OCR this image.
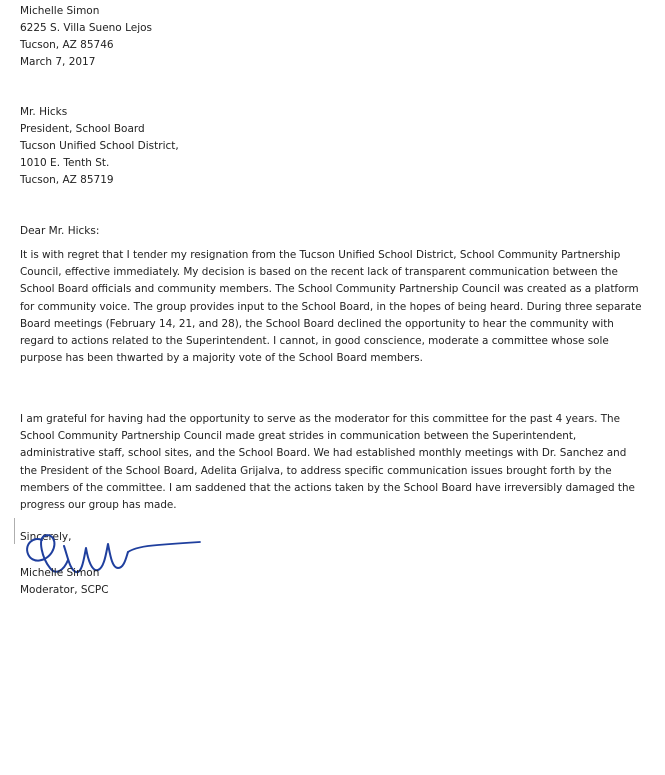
Michelle Simon
6225 S. Villa Sueno Lejos
Tucson, AZ 85746
March 7, 2017
Mr. Hicks
President, School Board
Tucson Unified School District,
1010 E. Tenth St.
Tucson, AZ 85719
Dear Mr. Hicks:
It is with regret that I tender my resignation from the Tucson Unified School District, School Community Partnership Council, effective immediately. My decision is based on the recent lack of transparent communication between the School Board officials and community members. The School Community Partnership Council was created as a platform for community voice. The group provides input to the School Board, in the hopes of being heard. During three separate Board meetings (February 14, 21, and 28), the School Board declined the opportunity to hear the community with regard to actions related to the Superintendent. I cannot, in good conscience, moderate a committee whose sole purpose has been thwarted by a majority vote of the School Board members.
I am grateful for having had the opportunity to serve as the moderator for this committee for the past 4 years. The School Community Partnership Council made great strides in communication between the Superintendent, administrative staff, school sites, and the School Board. We had established monthly meetings with Dr. Sanchez and the President of the School Board, Adelita Grijalva, to address specific communication issues brought forth by the members of the committee. I am saddened that the actions taken by the School Board have irreversibly damaged the progress our group has made.
Sincerely,
Michelle Simon
Moderator, SCPC
